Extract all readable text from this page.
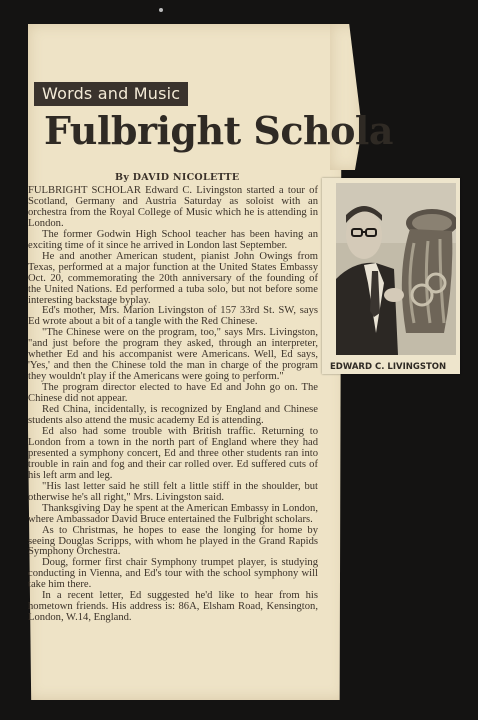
Words and Music
Fulbright Schola
By DAVID NICOLETTE

FULBRIGHT SCHOLAR Edward C. Livingston started a tour of Scotland, Germany and Austria Saturday as soloist with an orchestra from the Royal College of Music which he is attending in London.

The former Godwin High School teacher has been having an exciting time of it since he arrived in London last September.

He and another American student, pianist John Owings from Texas, performed at a major function at the United States Embassy Oct. 20, commemorating the 20th anniversary of the founding of the United Nations. Ed performed a tuba solo, but not before some interesting backstage byplay.

Ed's mother, Mrs. Marion Livingston of 157 33rd St. SW, says Ed wrote about a bit of a tangle with the Red Chinese.

"The Chinese were on the program, too," says Mrs. Livingston, "and just before the program they asked, through an interpreter, whether Ed and his accompanist were Americans. Well, Ed says, 'Yes,' and then the Chinese told the man in charge of the program they wouldn't play if the Americans were going to perform."

The program director elected to have Ed and John go on. The Chinese did not appear.

Red China, incidentally, is recognized by England and Chinese students also attend the music academy Ed is attending.

Ed also had some trouble with British traffic. Returning to London from a town in the north part of England where they had presented a symphony concert, Ed and three other students ran into trouble in rain and fog and their car rolled over. Ed suffered cuts of his left arm and leg.

"His last letter said he still felt a little stiff in the shoulder, but otherwise he's all right," Mrs. Livingston said.

Thanksgiving Day he spent at the American Embassy in London, where Ambassador David Bruce entertained the Fulbright scholars.

As to Christmas, he hopes to ease the longing for home by seeing Douglas Scripps, with whom he played in the Grand Rapids Symphony Orchestra.

Doug, former first chair Symphony trumpet player, is studying conducting in Vienna, and Ed's tour with the school symphony will take him there.

In a recent letter, Ed suggested he'd like to hear from his hometown friends. His address is: 86A, Elsham Road, Kensington, London, W.14, England.

EDWARD C. LIVINGSTON
